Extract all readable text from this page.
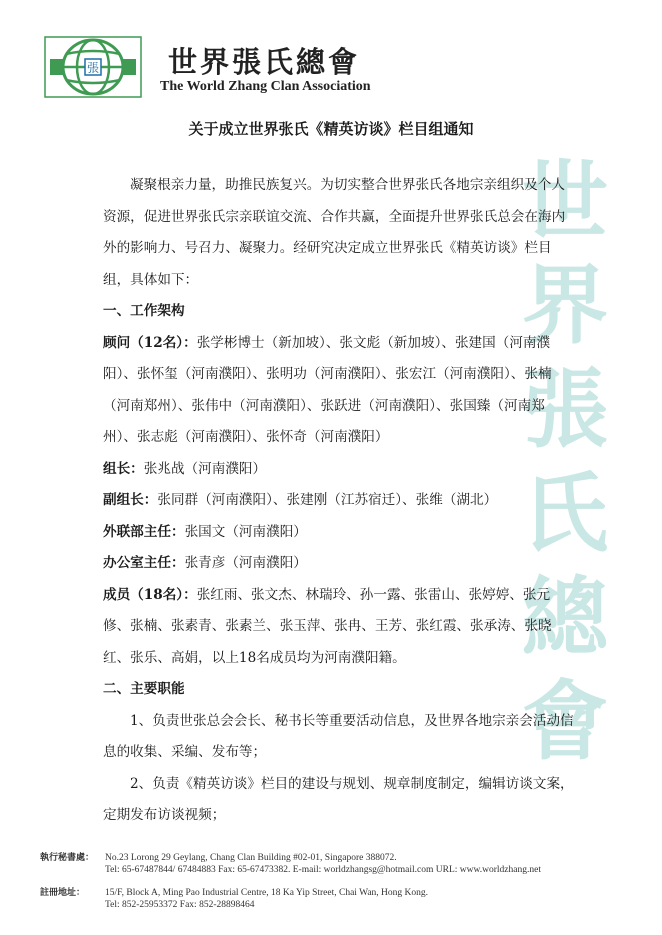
張 世界張氏總會
The World Zhang Clan Association
世
界
張
氏
總
會
关于成立世界张氏《精英访谈》栏目组通知

凝聚根亲力量，助推民族复兴。为切实整合世界张氏各地宗亲组织及个人资源，促进世界张氏宗亲联谊交流、合作共赢，全面提升世界张氏总会在海内外的影响力、号召力、凝聚力。经研究决定成立世界张氏《精英访谈》栏目组，具体如下：

一、工作架构

顾问（12名）：张学彬博士（新加坡）、张文彪（新加坡）、张建国（河南濮阳）、张怀玺（河南濮阳）、张明功（河南濮阳）、张宏江（河南濮阳）、张楠（河南郑州）、张伟中（河南濮阳）、张跃进（河南濮阳）、张国臻（河南郑州）、张志彪（河南濮阳）、张怀奇（河南濮阳）

组长：张兆战（河南濮阳）

副组长：张同群（河南濮阳）、张建刚（江苏宿迁）、张维（湖北）

外联部主任：张国文（河南濮阳）

办公室主任：张青彦（河南濮阳）

成员（18名）：张红雨、张文杰、林瑞玲、孙一露、张雷山、张婷婷、张元修、张楠、张素青、张素兰、张玉萍、张冉、王芳、张红霞、张承涛、张晓红、张乐、高娟，以上18名成员均为河南濮阳籍。

二、主要职能

1、负责世张总会会长、秘书长等重要活动信息，及世界各地宗亲会活动信息的收集、采编、发布等；

2、负责《精英访谈》栏目的建设与规划、规章制度制定，编辑访谈文案，定期发布访谈视频；

執行秘書處： No.23 Lorong 29 Geylang, Chang Clan Building #02-01, Singapore 388072.
Tel: 65-67487844/ 67484883 Fax: 65-67473382. E-mail: worldzhangsg@hotmail.com URL: www.worldzhang.net
註冊地址： 15/F, Block A, Ming Pao Industrial Centre, 18 Ka Yip Street, Chai Wan, Hong Kong.
Tel: 852-25953372 Fax: 852-28898464
